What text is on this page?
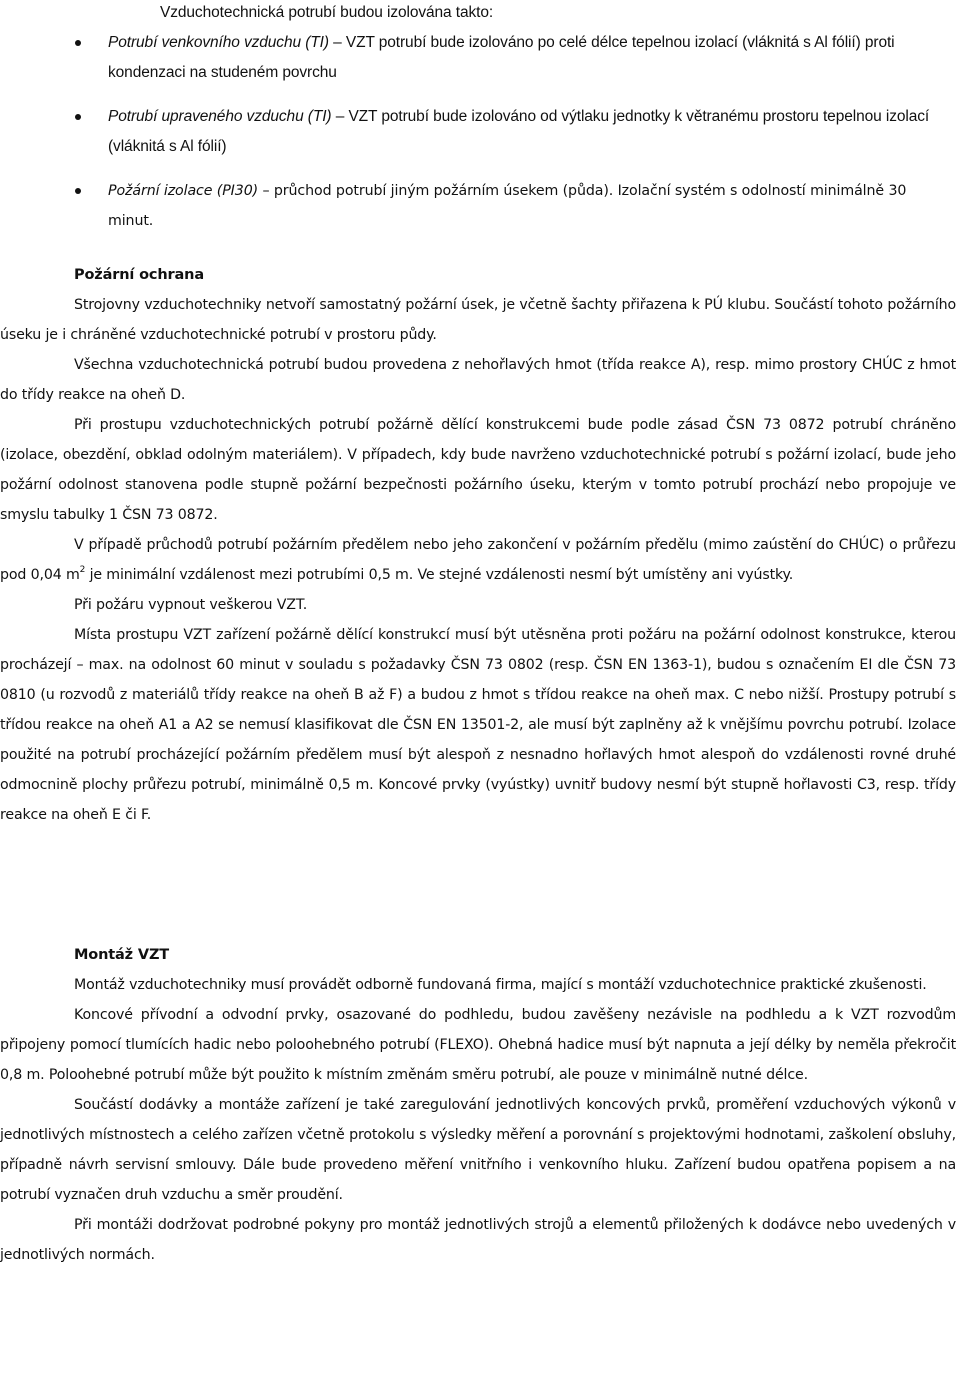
Vzduchotechnická potrubí budou izolována takto:
Potrubí venkovního vzduchu (TI) – VZT potrubí bude izolováno po celé délce tepelnou izolací (vláknitá s Al fólií) proti kondenzaci na studeném povrchu
Potrubí upraveného vzduchu (TI) – VZT potrubí bude izolováno od výtlaku jednotky k větranému prostoru tepelnou izolací (vláknitá s Al fólií)
Požární izolace (PI30) – průchod potrubí jiným požárním úsekem (půda). Izolační systém s odolností minimálně 30 minut.
Požární ochrana

Strojovny vzduchotechniky netvoří samostatný požární úsek, je včetně šachty přiřazena k PÚ klubu. Součástí tohoto požárního úseku je i chráněné vzduchotechnické potrubí v prostoru půdy.

Všechna vzduchotechnická potrubí budou provedena z nehořlavých hmot (třída reakce A), resp. mimo prostory CHÚC z hmot do třídy reakce na oheň D.

Při prostupu vzduchotechnických potrubí požárně dělící konstrukcemi bude podle zásad ČSN 73 0872 potrubí chráněno (izolace, obezdění, obklad odolným materiálem). V případech, kdy bude navrženo vzduchotechnické potrubí s požární izolací, bude jeho požární odolnost stanovena podle stupně požární bezpečnosti požárního úseku, kterým v tomto potrubí prochází nebo propojuje ve smyslu tabulky 1 ČSN 73 0872.

V případě průchodů potrubí požárním předělem nebo jeho zakončení v požárním předělu (mimo zaústění do CHÚC) o průřezu pod 0,04 $m^2$ je minimální vzdálenost mezi potrubími 0,5 m. Ve stejné vzdálenosti nesmí být umístěny ani vyústky.

Při požáru vypnout veškerou VZT.

Místa prostupu VZT zařízení požárně dělící konstrukcí musí být utěsněna proti požáru na požární odolnost konstrukce, kterou procházejí – max. na odolnost 60 minut v souladu s požadavky ČSN 73 0802 (resp. ČSN EN 1363-1), budou s označením EI dle ČSN 73 0810 (u rozvodů z materiálů třídy reakce na oheň B až F) a budou z hmot s třídou reakce na oheň max. C nebo nižší. Prostupy potrubí s třídou reakce na oheň A1 a A2 se nemusí klasifikovat dle ČSN EN 13501-2, ale musí být zaplněny až k vnějšímu povrchu potrubí. Izolace použité na potrubí procházející požárním předělem musí být alespoň z nesnadno hořlavých hmot alespoň do vzdálenosti rovné druhé odmocnině plochy průřezu potrubí, minimálně 0,5 m. Koncové prvky (vyústky) uvnitř budovy nesmí být stupně hořlavosti C3, resp. třídy reakce na oheň E či F.

Montáž VZT

Montáž vzduchotechniky musí provádět odborně fundovaná firma, mající s montáží vzduchotechnice praktické zkušenosti.

Koncové přívodní a odvodní prvky, osazované do podhledu, budou zavěšeny nezávisle na podhledu a k VZT rozvodům připojeny pomocí tlumících hadic nebo poloohebného potrubí (FLEXO). Ohebná hadice musí být napnuta a její délky by neměla překročit 0,8 m. Poloohebné potrubí může být použito k místním změnám směru potrubí, ale pouze v minimálně nutné délce.

Součástí dodávky a montáže zařízení je také zaregulování jednotlivých koncových prvků, proměření vzduchových výkonů v jednotlivých místnostech a celého zařízen včetně protokolu s výsledky měření a porovnání s projektovými hodnotami, zaškolení obsluhy, případně návrh servisní smlouvy. Dále bude provedeno měření vnitřního i venkovního hluku. Zařízení budou opatřena popisem a na potrubí vyznačen druh vzduchu a směr proudění.

Při montáži dodržovat podrobné pokyny pro montáž jednotlivých strojů a elementů přiložených k dodávce nebo uvedených v jednotlivých normách.
